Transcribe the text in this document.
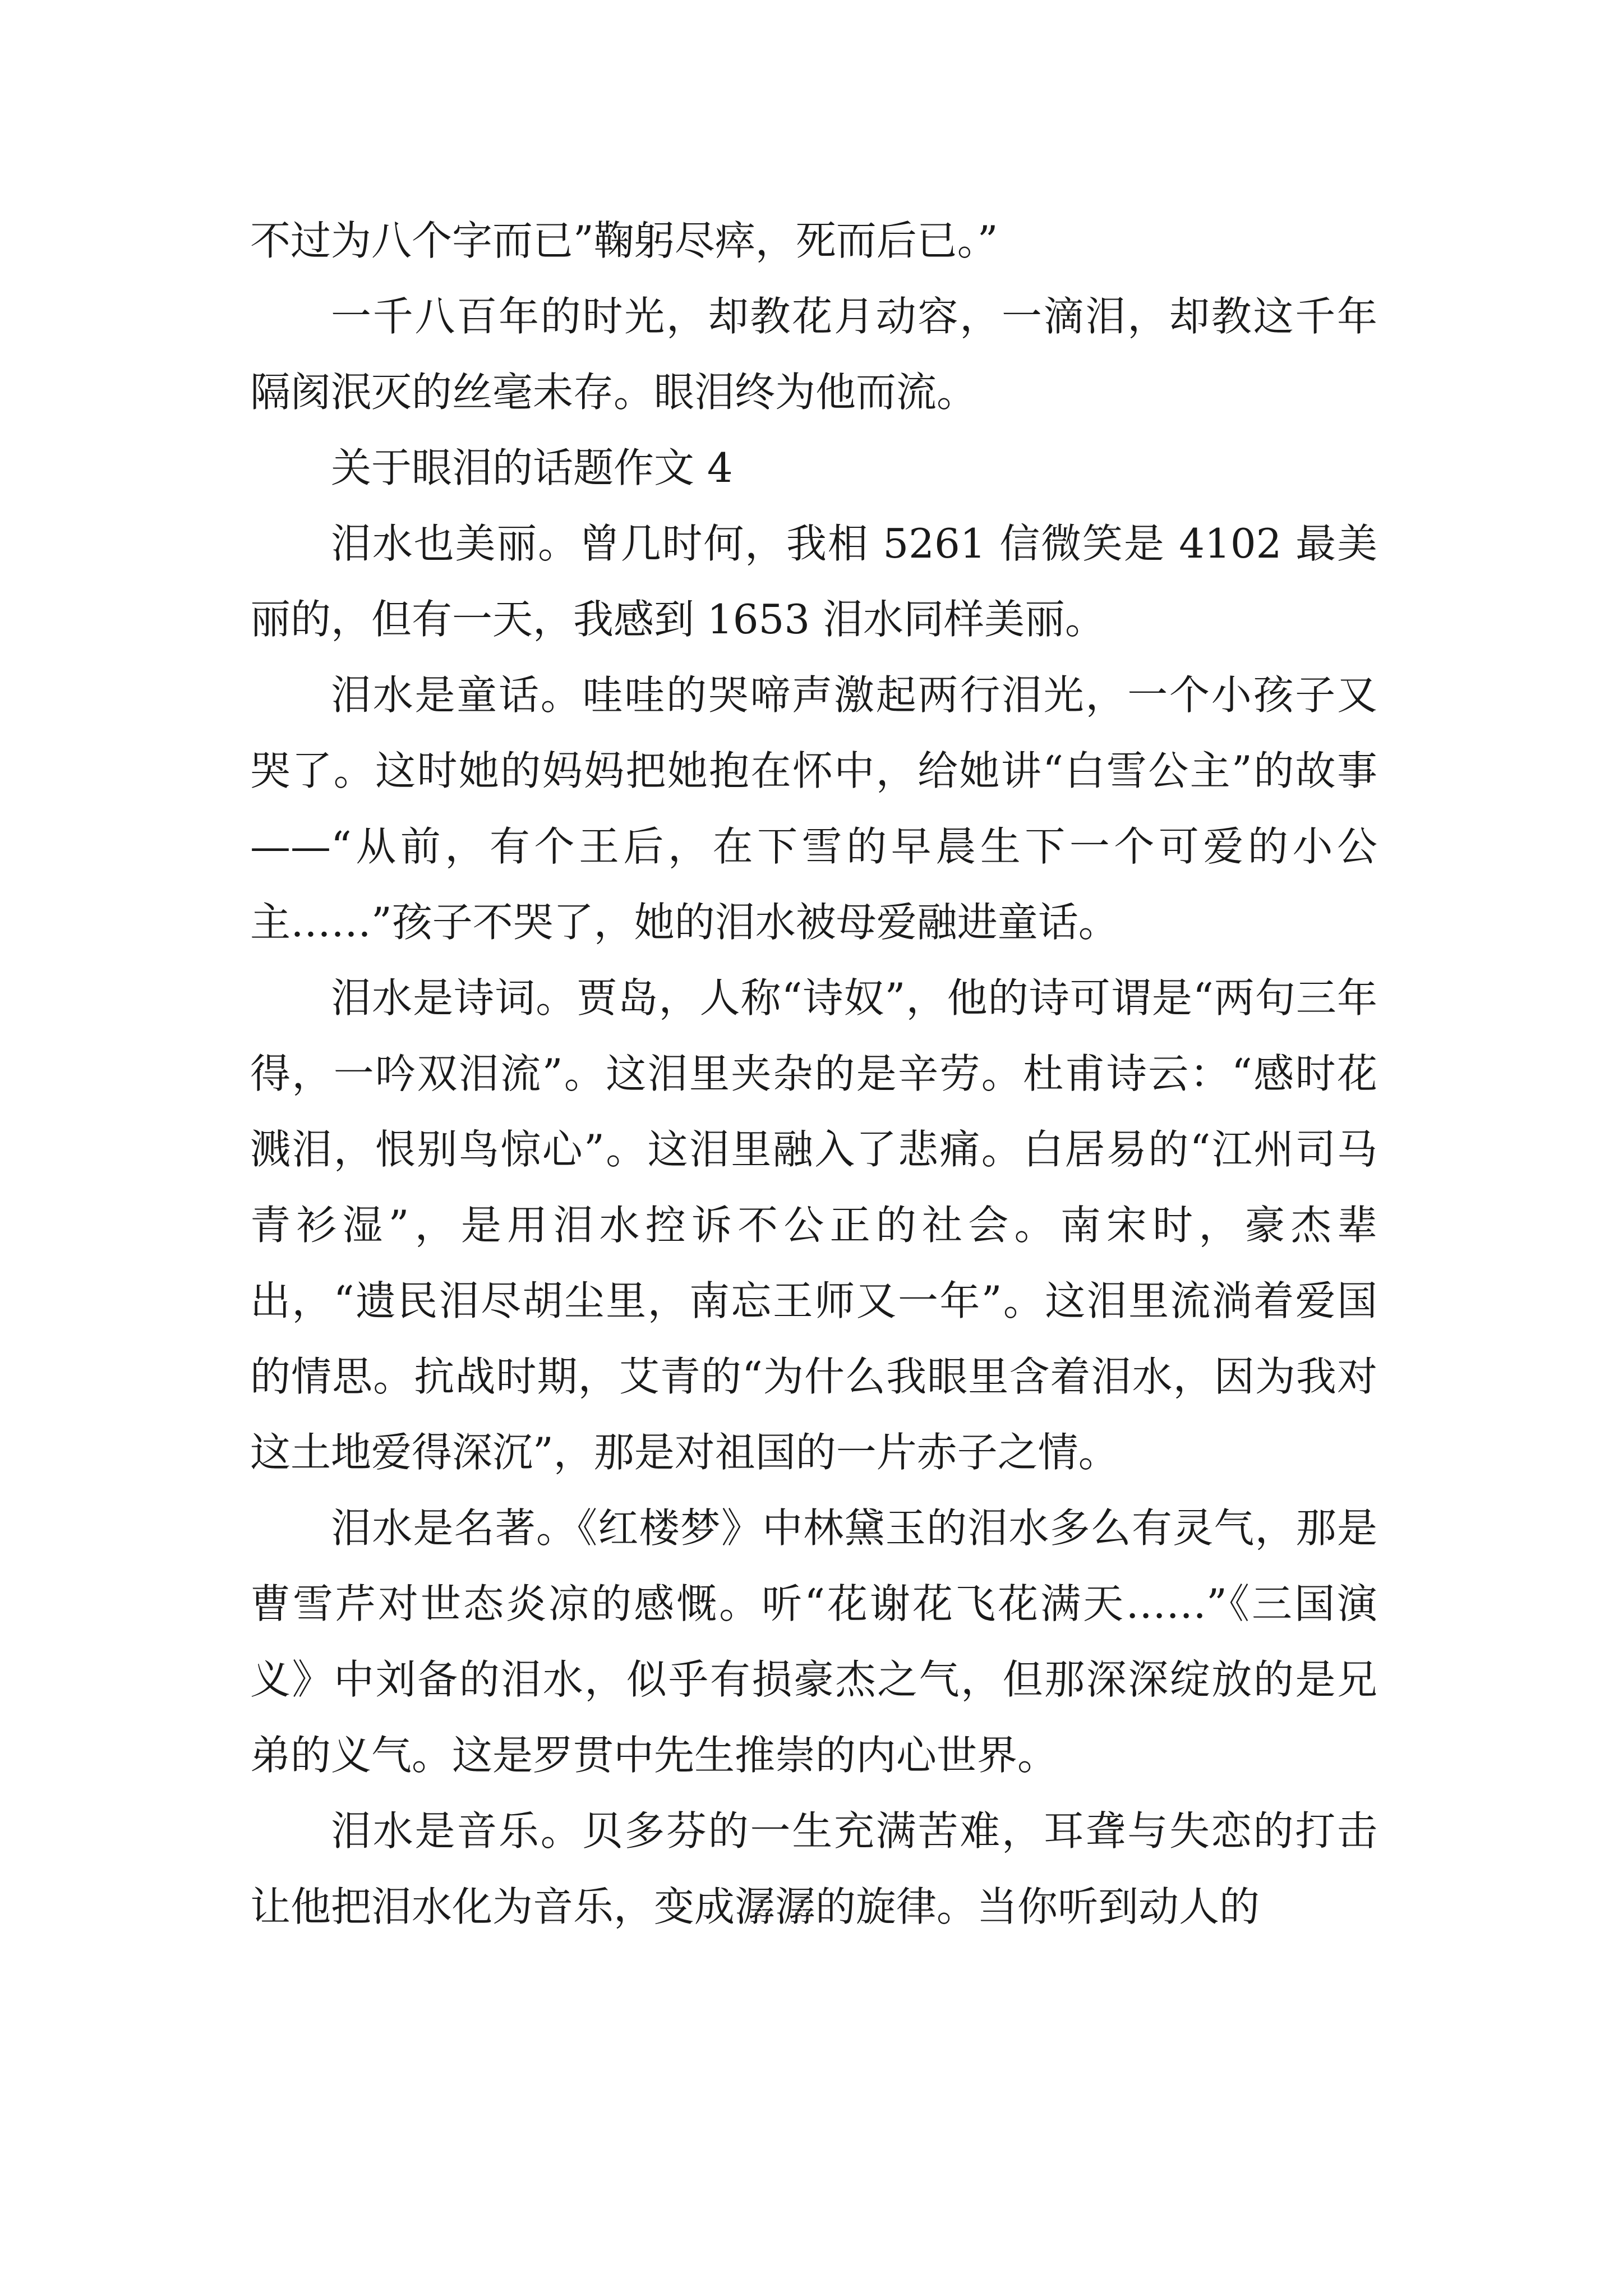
不过为八个字而已”鞠躬尽瘁，死而后已。”

一千八百年的时光，却教花月动容，一滴泪，却教这千年隔阂泯灭的丝毫未存。眼泪终为他而流。

关于眼泪的话题作文 4

泪水也美丽。曾几时何，我相 5261 信微笑是 4102 最美丽的，但有一天，我感到 1653 泪水同样美丽。

泪水是童话。哇哇的哭啼声激起两行泪光，一个小孩子又哭了。这时她的妈妈把她抱在怀中，给她讲“白雪公主”的故事——“从前，有个王后，在下雪的早晨生下一个可爱的小公主……”孩子不哭了，她的泪水被母爱融进童话。

泪水是诗词。贾岛，人称“诗奴”，他的诗可谓是“两句三年得，一吟双泪流”。这泪里夹杂的是辛劳。杜甫诗云：“感时花溅泪，恨别鸟惊心”。这泪里融入了悲痛。白居易的“江州司马青衫湿”，是用泪水控诉不公正的社会。南宋时，豪杰辈出，“遗民泪尽胡尘里，南忘王师又一年”。这泪里流淌着爱国的情思。抗战时期，艾青的“为什么我眼里含着泪水，因为我对这土地爱得深沉”，那是对祖国的一片赤子之情。

泪水是名著。《红楼梦》中林黛玉的泪水多么有灵气，那是曹雪芹对世态炎凉的感慨。听“花谢花飞花满天……”《三国演义》中刘备的泪水，似乎有损豪杰之气，但那深深绽放的是兄弟的义气。这是罗贯中先生推崇的内心世界。

泪水是音乐。贝多芬的一生充满苦难，耳聋与失恋的打击让他把泪水化为音乐，变成潺潺的旋律。当你听到动人的
